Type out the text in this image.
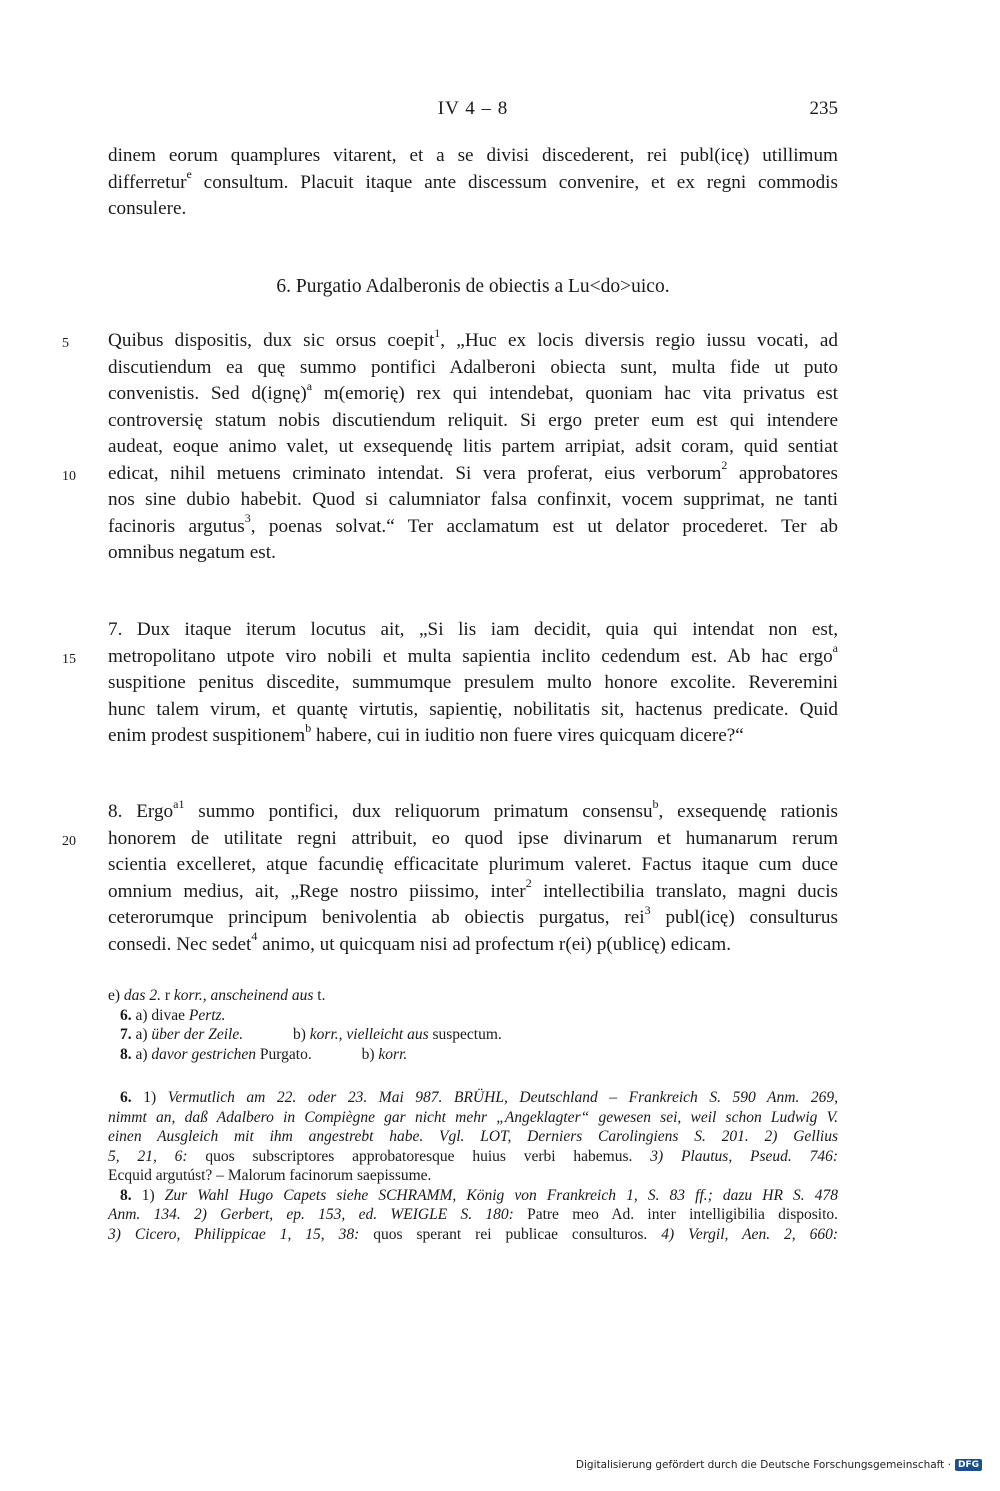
IV 4 – 8	235
dinem eorum quamplures vitarent, et a se divisi discederent, rei publ(icę) utillimum
differretur$^e$ consultum. Placuit itaque ante discessum convenire, et ex regni commodis
consulere.
6. Purgatio Adalberonis de obiectis a Lu<do>uico.
5 Quibus dispositis, dux sic orsus coepit$^1$, „Huc ex locis diversis regio iussu vocati, ad
discutiendum ea quę summo pontifici Adalberoni obiecta sunt, multa fide ut puto
convenistis. Sed d(ignę)$^a$ m(emorię) rex qui intendebat, quoniam hac vita privatus est
controversię statum nobis discutiendum reliquit. Si ergo preter eum est qui intendere
audeat, eoque animo valet, ut exsequendę litis partem arripiat, adsit coram, quid sentiat
10 edicat, nihil metuens criminato intendat. Si vera proferat, eius verborum$^2$ approbatores
nos sine dubio habebit. Quod si calumniator falsa confinxit, vocem supprimat, ne tanti
facinoris argutus$^3$, poenas solvat.“ Ter acclamatum est ut delator procederet. Ter ab
omnibus negatum est.
7. Dux itaque iterum locutus ait, „Si lis iam decidit, quia qui intendat non est,
15 metropolitano utpote viro nobili et multa sapientia inclito cedendum est. Ab hac ergo$^a$
suspitione penitus discedite, summumque presulem multo honore excolite. Reveremini
hunc talem virum, et quantę virtutis, sapientię, nobilitatis sit, hactenus predicate. Quid
enim prodest suspitionem$^b$ habere, cui in iuditio non fuere vires quicquam dicere?“
8. Ergo$^{a1}$ summo pontifici, dux reliquorum primatum consensu$^b$, exsequendę rationis
20 honorem de utilitate regni attribuit, eo quod ipse divinarum et humanarum rerum
scientia excelleret, atque facundię efficacitate plurimum valeret. Factus itaque cum duce
omnium medius, ait, „Rege nostro piissimo, inter$^2$ intellectibilia translato, magni ducis
ceterorumque principum benivolentia ab obiectis purgatus, rei$^3$ publ(icę) consulturus
consedi. Nec sedet$^4$ animo, ut quicquam nisi ad profectum r(ei) p(ublicę) edicam.
e) das 2. r korr., anscheinend aus t.
6. a) divae Pertz.
7. a) über der Zeile.	b) korr., vielleicht aus suspectum.
8. a) davor gestrichen Purgato.	b) korr.
6. 1) Vermutlich am 22. oder 23. Mai 987. BRÜHL, Deutschland – Frankreich S. 590 Anm. 269,
nimmt an, daß Adalbero in Compiègne gar nicht mehr „Angeklagter“ gewesen sei, weil schon Ludwig V.
einen Ausgleich mit ihm angestrebt habe. Vgl. LOT, Derniers Carolingiens S. 201. 2) Gellius
5, 21, 6: quos subscriptores approbatoresque huius verbi habemus. 3) Plautus, Pseud. 746:
Ecquid argutúst? – Malorum facinorum saepissume.
8. 1) Zur Wahl Hugo Capets siehe SCHRAMM, König von Frankreich 1, S. 83 ff.; dazu HR S. 478
Anm. 134. 2) Gerbert, ep. 153, ed. WEIGLE S. 180: Patre meo Ad. inter intelligibilia disposito.
3) Cicero, Philippicae 1, 15, 38: quos sperant rei publicae consulturos. 4) Vergil, Aen. 2, 660:
Digitalisierung gefördert durch die Deutsche Forschungsgemeinschaft · DFG
